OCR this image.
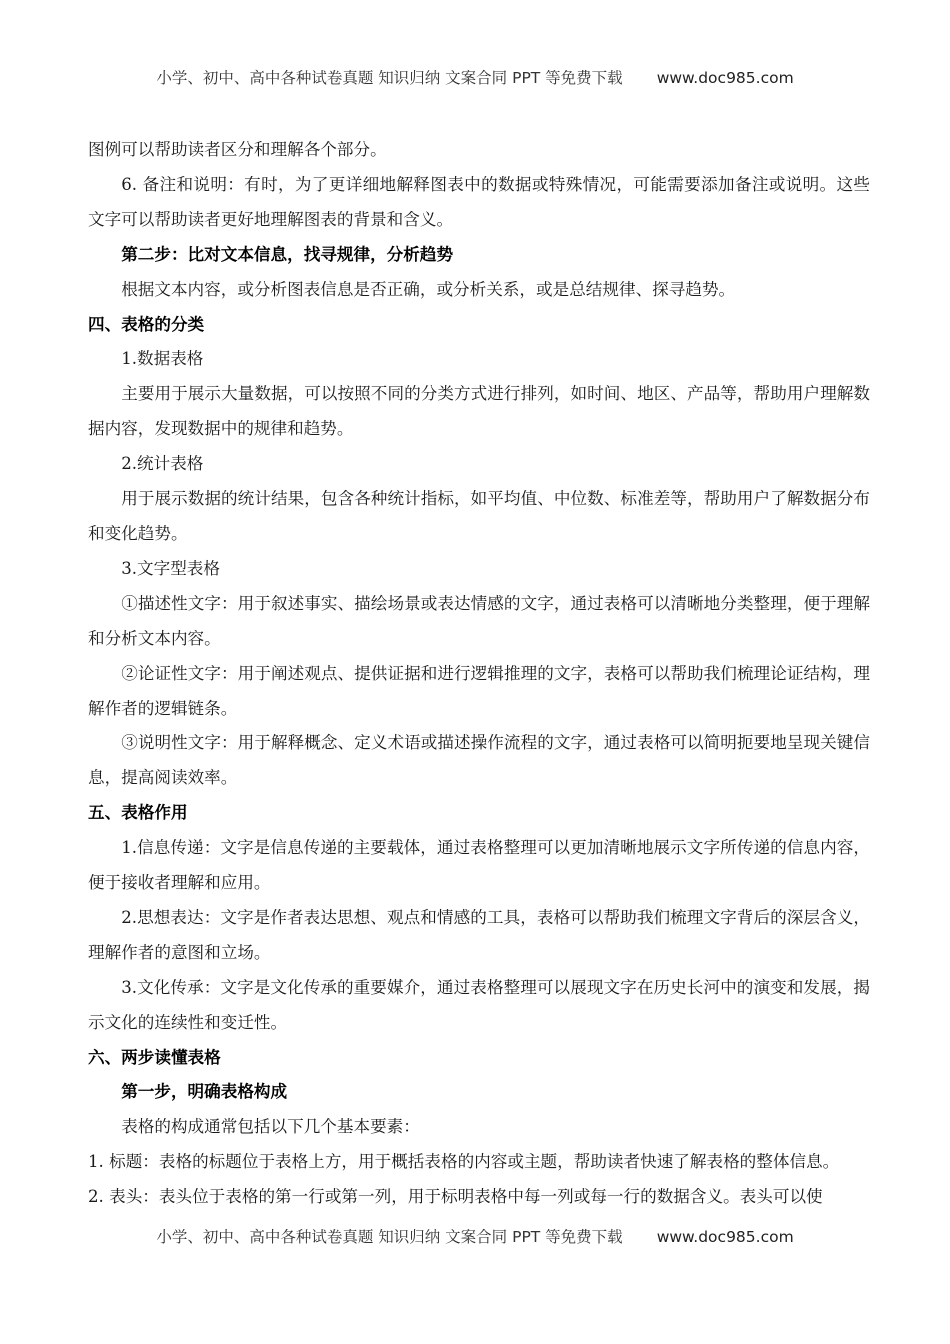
小学、初中、高中各种试卷真题 知识归纳 文案合同 PPT 等免费下载 www.doc985.com

图例可以帮助读者区分和理解各个部分。

6. 备注和说明：有时，为了更详细地解释图表中的数据或特殊情况，可能需要添加备注或说明。这些文字可以帮助读者更好地理解图表的背景和含义。

第二步：比对文本信息，找寻规律，分析趋势

根据文本内容，或分析图表信息是否正确，或分析关系，或是总结规律、探寻趋势。

四、表格的分类

1.数据表格

主要用于展示大量数据，可以按照不同的分类方式进行排列，如时间、地区、产品等，帮助用户理解数据内容，发现数据中的规律和趋势。

2.统计表格

用于展示数据的统计结果，包含各种统计指标，如平均值、中位数、标准差等，帮助用户了解数据分布和变化趋势。

3.文字型表格

①描述性文字：用于叙述事实、描绘场景或表达情感的文字，通过表格可以清晰地分类整理，便于理解和分析文本内容。

②论证性文字：用于阐述观点、提供证据和进行逻辑推理的文字，表格可以帮助我们梳理论证结构，理解作者的逻辑链条。

③说明性文字：用于解释概念、定义术语或描述操作流程的文字，通过表格可以简明扼要地呈现关键信息，提高阅读效率。

五、表格作用

1.信息传递：文字是信息传递的主要载体，通过表格整理可以更加清晰地展示文字所传递的信息内容，便于接收者理解和应用。

2.思想表达：文字是作者表达思想、观点和情感的工具，表格可以帮助我们梳理文字背后的深层含义，理解作者的意图和立场。

3.文化传承：文字是文化传承的重要媒介，通过表格整理可以展现文字在历史长河中的演变和发展，揭示文化的连续性和变迁性。

六、两步读懂表格

第一步，明确表格构成

表格的构成通常包括以下几个基本要素：

1. 标题：表格的标题位于表格上方，用于概括表格的内容或主题，帮助读者快速了解表格的整体信息。

2. 表头：表头位于表格的第一行或第一列，用于标明表格中每一列或每一行的数据含义。表头可以使

小学、初中、高中各种试卷真题 知识归纳 文案合同 PPT 等免费下载 www.doc985.com
